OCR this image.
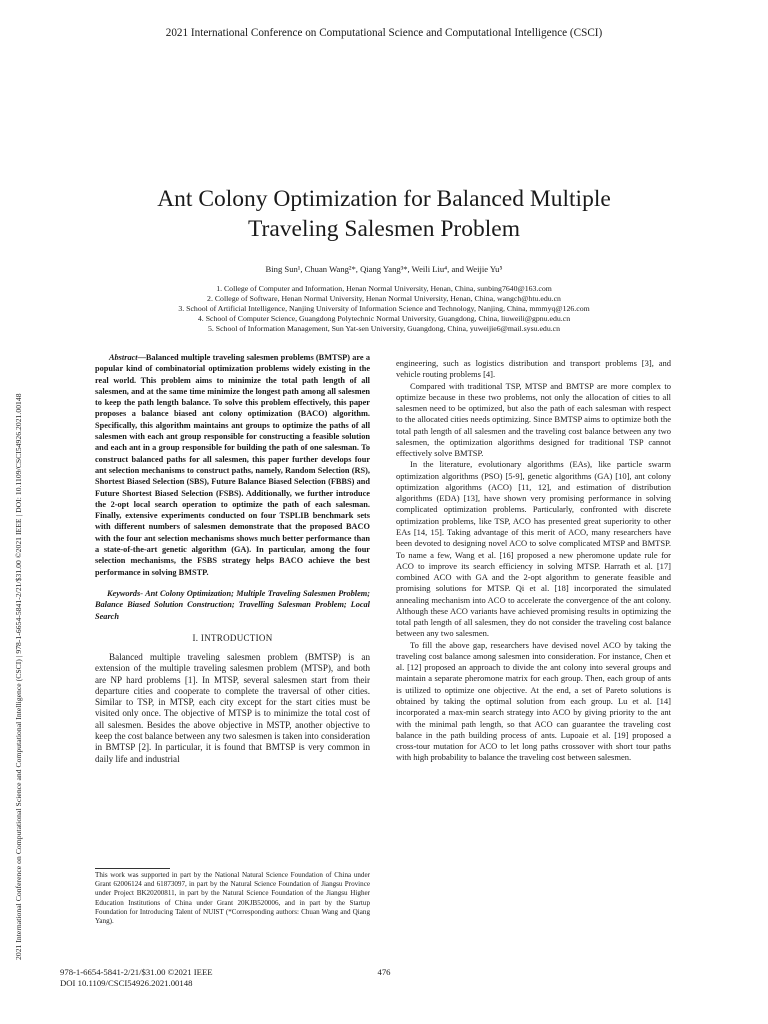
2021 International Conference on Computational Science and Computational Intelligence (CSCI)
2021 International Conference on Computational Science and Computational Intelligence (CSCI) | 978-1-6654-5841-2/21/$31.00 ©2021 IEEE | DOI: 10.1109/CSCI54926.2021.00148
Ant Colony Optimization for Balanced Multiple
Traveling Salesmen Problem
Bing Sun¹, Chuan Wang²*, Qiang Yang³*, Weili Liu⁴, and Weijie Yu⁵
1. College of Computer and Information, Henan Normal University, Henan, China, sunbing7640@163.com
2. College of Software, Henan Normal University, Henan Normal University, Henan, China, wangch@htu.edu.cn
3. School of Artificial Intelligence, Nanjing University of Information Science and Technology, Nanjing, China, mmmyq@126.com
4. School of Computer Science, Guangdong Polytechnic Normal University, Guangdong, China, liuweili@gpnu.edu.cn
5. School of Information Management, Sun Yat-sen University, Guangdong, China, yuweijie6@mail.sysu.edu.cn

Abstract—Balanced multiple traveling salesmen problems (BMTSP) are a popular kind of combinatorial optimization problems widely existing in the real world. This problem aims to minimize the total path length of all salesmen, and at the same time minimize the longest path among all salesmen to keep the path length balance. To solve this problem effectively, this paper proposes a balance biased ant colony optimization (BACO) algorithm. Specifically, this algorithm maintains ant groups to optimize the paths of all salesmen with each ant group responsible for constructing a feasible solution and each ant in a group responsible for building the path of one salesman. To construct balanced paths for all salesmen, this paper further develops four ant selection mechanisms to construct paths, namely, Random Selection (RS), Shortest Biased Selection (SBS), Future Balance Biased Selection (FBBS) and Future Shortest Biased Selection (FSBS). Additionally, we further introduce the 2-opt local search operation to optimize the path of each salesman. Finally, extensive experiments conducted on four TSPLIB benchmark sets with different numbers of salesmen demonstrate that the proposed BACO with the four ant selection mechanisms shows much better performance than a state-of-the-art genetic algorithm (GA). In particular, among the four selection mechanisms, the FSBS strategy helps BACO achieve the best performance in solving BMSTP.

Keywords- Ant Colony Optimization; Multiple Traveling Salesmen Problem; Balance Biased Solution Construction; Travelling Salesman Problem; Local Search

I. INTRODUCTION

Balanced multiple traveling salesmen problem (BMTSP) is an extension of the multiple traveling salesmen problem (MTSP), and both are NP hard problems [1]. In MTSP, several salesmen start from their departure cities and cooperate to complete the traversal of other cities. Similar to TSP, in MTSP, each city except for the start cities must be visited only once. The objective of MTSP is to minimize the total cost of all salesmen. Besides the above objective in MSTP, another objective to keep the cost balance between any two salesmen is taken into consideration in BMTSP [2]. In particular, it is found that BMTSP is very common in daily life and industrial

This work was supported in part by the National Natural Science Foundation of China under Grant 62006124 and 61873097, in part by the Natural Science Foundation of Jiangsu Province under Project BK20200811, in part by the Natural Science Foundation of the Jiangsu Higher Education Institutions of China under Grant 20KJB520006, and in part by the Startup Foundation for Introducing Talent of NUIST (*Corresponding authors: Chuan Wang and Qiang Yang).

engineering, such as logistics distribution and transport problems [3], and vehicle routing problems [4].

Compared with traditional TSP, MTSP and BMTSP are more complex to optimize because in these two problems, not only the allocation of cities to all salesmen need to be optimized, but also the path of each salesman with respect to the allocated cities needs optimizing. Since BMTSP aims to optimize both the total path length of all salesmen and the traveling cost balance between any two salesmen, the optimization algorithms designed for traditional TSP cannot effectively solve BMTSP.

In the literature, evolutionary algorithms (EAs), like particle swarm optimization algorithms (PSO) [5-9], genetic algorithms (GA) [10], ant colony optimization algorithms (ACO) [11, 12], and estimation of distribution algorithms (EDA) [13], have shown very promising performance in solving complicated optimization problems. Particularly, confronted with discrete optimization problems, like TSP, ACO has presented great superiority to other EAs [14, 15]. Taking advantage of this merit of ACO, many researchers have been devoted to designing novel ACO to solve complicated MTSP and BMTSP. To name a few, Wang et al. [16] proposed a new pheromone update rule for ACO to improve its search efficiency in solving MTSP. Harrath et al. [17] combined ACO with GA and the 2-opt algorithm to generate feasible and promising solutions for MTSP. Qi et al. [18] incorporated the simulated annealing mechanism into ACO to accelerate the convergence of the ant colony. Although these ACO variants have achieved promising results in optimizing the total path length of all salesmen, they do not consider the traveling cost balance between any two salesmen.

To fill the above gap, researchers have devised novel ACO by taking the traveling cost balance among salesmen into consideration. For instance, Chen et al. [12] proposed an approach to divide the ant colony into several groups and maintain a separate pheromone matrix for each group. Then, each group of ants is utilized to optimize one objective. At the end, a set of Pareto solutions is obtained by taking the optimal solution from each group. Lu et al. [14] incorporated a max-min search strategy into ACO by giving priority to the ant with the minimal path length, so that ACO can guarantee the traveling cost balance in the path building process of ants. Lupoaie et al. [19] proposed a cross-tour mutation for ACO to let long paths crossover with short tour paths with high probability to balance the traveling cost between salesmen.

978-1-6654-5841-2/21/$31.00 ©2021 IEEE
DOI 10.1109/CSCI54926.2021.00148
476
